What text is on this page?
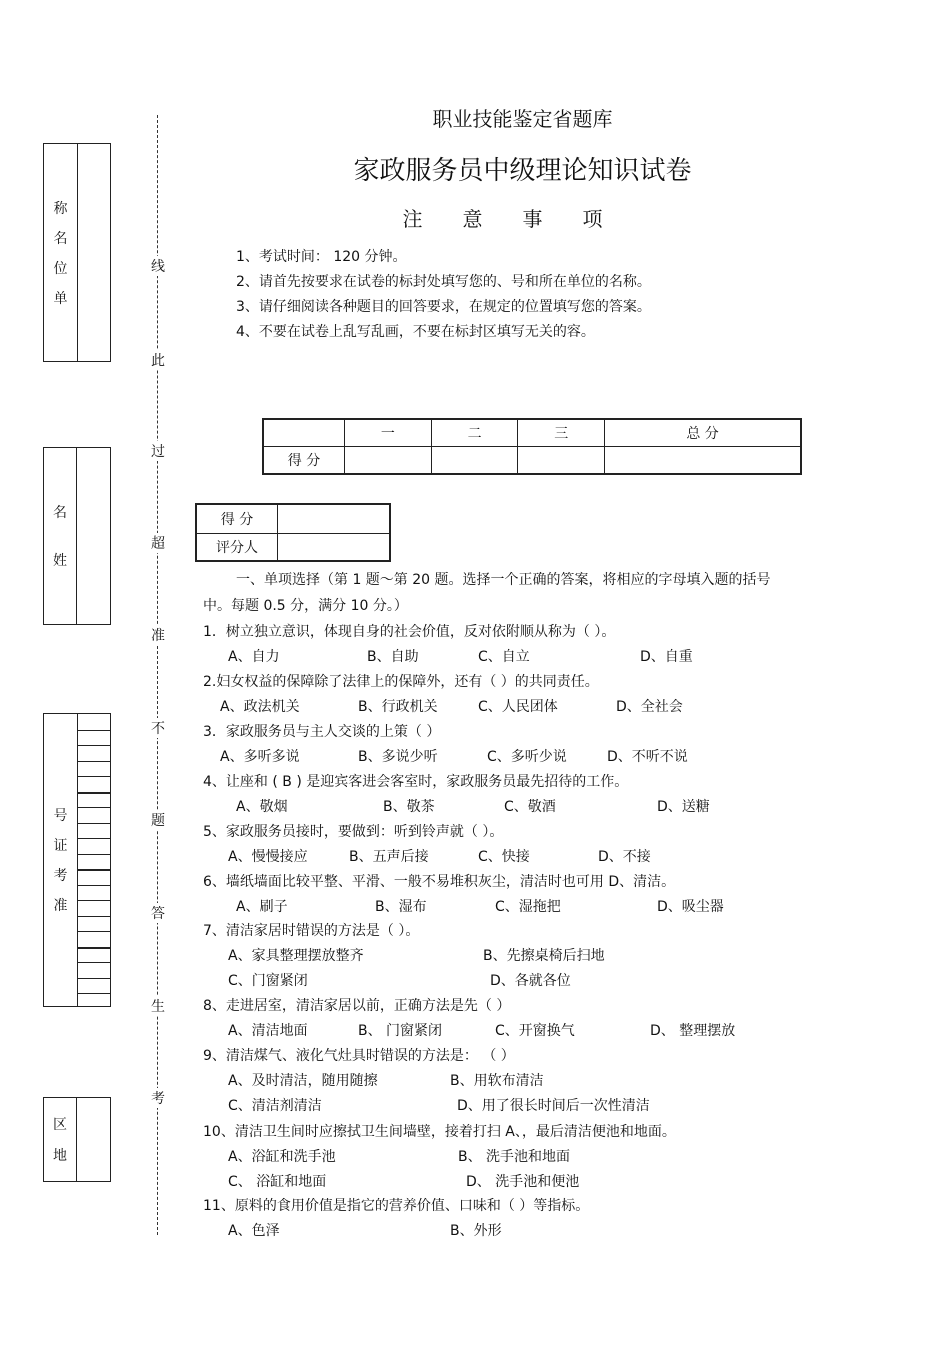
称
名
位
单
名
姓
号
证
考
准
区
地
线
此
过
超
准
不
题
答
生
考
职业技能鉴定省题库
家政服务员中级理论知识试卷
注意事项
1、考试时间： 120 分钟。
2、请首先按要求在试卷的标封处填写您的、号和所在单位的名称。
3、请仔细阅读各种题目的回答要求，在规定的位置填写您的答案。
4、不要在试卷上乱写乱画，不要在标封区填写无关的容。
	一	二	三	总 分
得 分				
得 分	
评分人	
一、单项选择（第 1 题～第 20 题。选择一个正确的答案，将相应的字母填入题的括号
中。每题 0.5 分，满分 10 分。）
1．树立独立意识，体现自身的社会价值，反对依附顺从称为（ ）。
A、自力	B、自助	C、自立	D、自重
2.妇女权益的保障除了法律上的保障外，还有（ ）的共同责任。
A、政法机关	B、行政机关	C、人民团体	D、全社会
3．家政服务员与主人交谈的上策（ ）
A、多听多说	B、多说少听	C、多听少说	D、不听不说
4、让座和 ( B ) 是迎宾客进会客室时，家政服务员最先招待的工作。
A、敬烟	B、敬茶	C、敬酒	D、送糖
5、家政服务员接时，要做到：听到铃声就（ ）。
A、慢慢接应	B、五声后接	C、快接	D、不接
6、墙纸墙面比较平整、平滑、一般不易堆积灰尘，清洁时也可用 D、清洁。
A、刷子	B、湿布	C、湿拖把	D、吸尘器
7、清洁家居时错误的方法是（ ）。
A、家具整理摆放整齐	B、先擦桌椅后扫地
C、门窗紧闭	D、各就各位
8、走进居室，清洁家居以前，正确方法是先（ ）
A、清洁地面	B、 门窗紧闭	C、开窗换气	D、 整理摆放
9、清洁煤气、液化气灶具时错误的方法是： （ ）
A、及时清洁，随用随擦	B、用软布清洁
C、清洁剂清洁	D、用了很长时间后一次性清洁
10、清洁卫生间时应擦拭卫生间墙壁，接着打扫 A、，最后清洁便池和地面。
A、浴缸和洗手池	B、 洗手池和地面
C、 浴缸和地面	D、 洗手池和便池
11、原料的食用价值是指它的营养价值、口味和（ ）等指标。
A、色泽	B、外形
